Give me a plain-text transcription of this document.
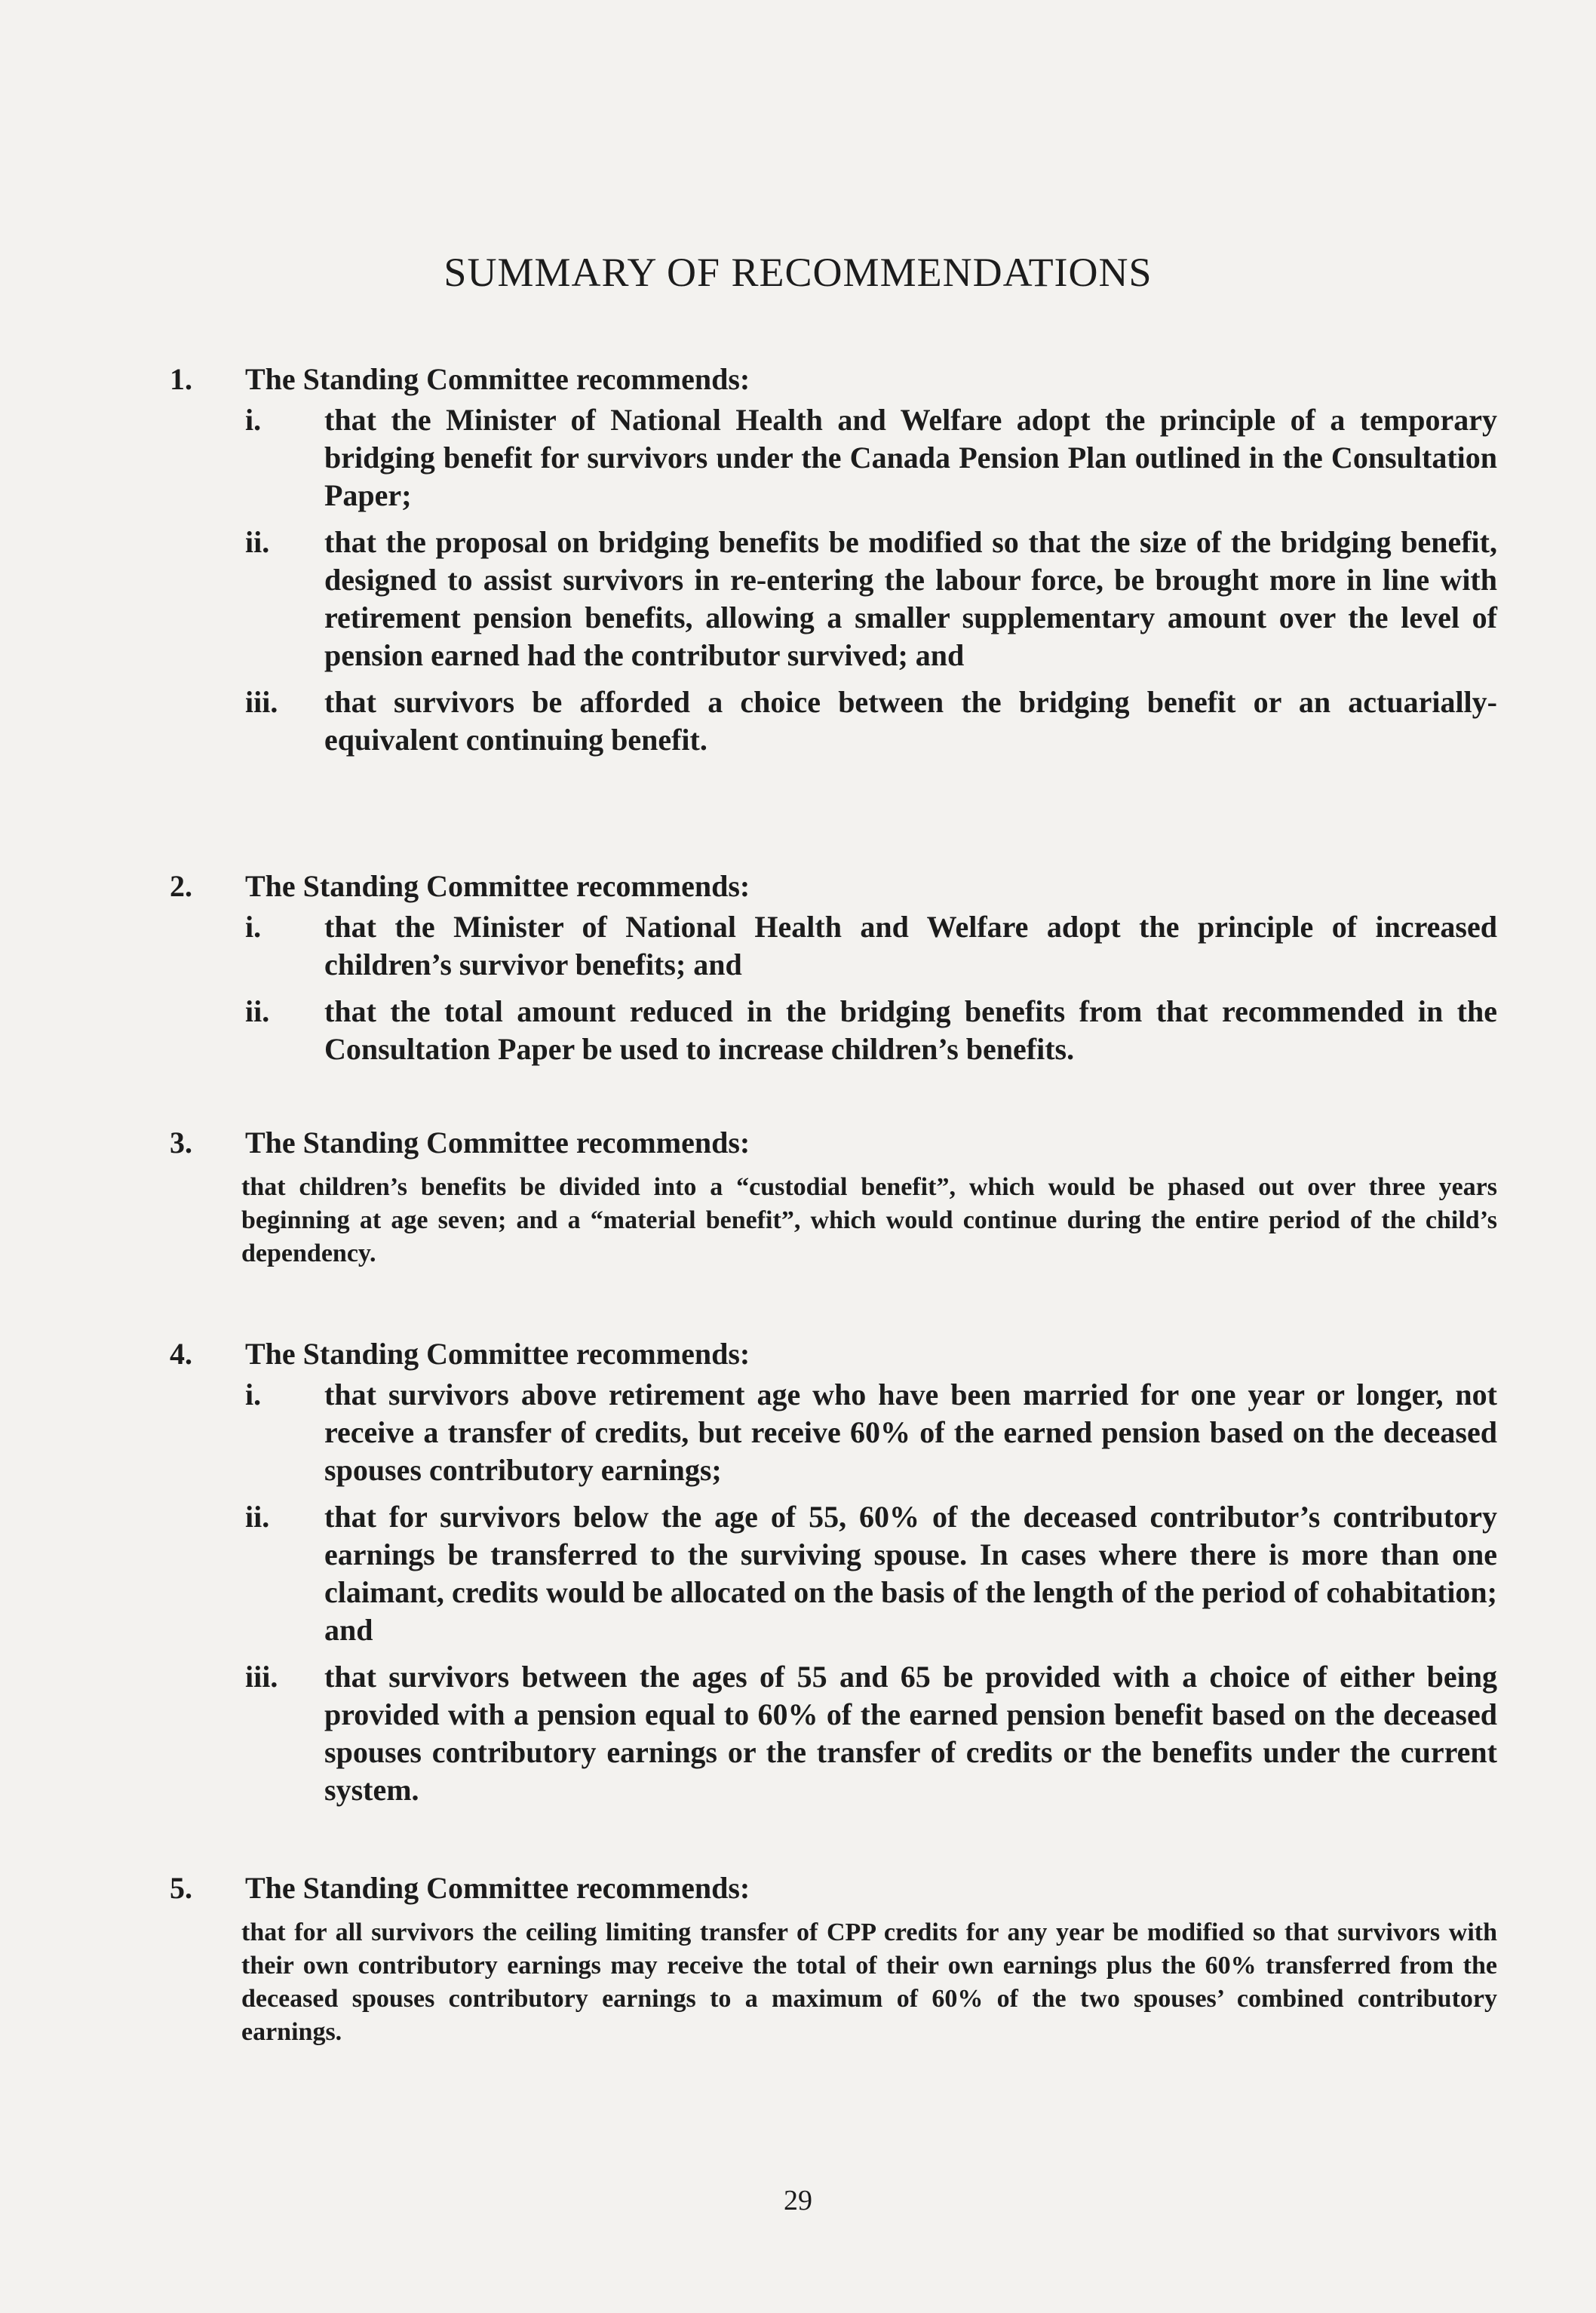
SUMMARY OF RECOMMENDATIONS
1. The Standing Committee recommends:
i.	that the Minister of National Health and Welfare adopt the principle of a temporary bridging benefit for survivors under the Canada Pension Plan outlined in the Consultation Paper;
ii.	that the proposal on bridging benefits be modified so that the size of the bridging benefit, designed to assist survivors in re-entering the labour force, be brought more in line with retirement pension benefits, allowing a smaller supplementary amount over the level of pension earned had the contributor survived; and
iii.	that survivors be afforded a choice between the bridging benefit or an actuarially-equivalent continuing benefit.
2. The Standing Committee recommends:
i.	that the Minister of National Health and Welfare adopt the principle of increased children’s survivor benefits; and
ii.	that the total amount reduced in the bridging benefits from that recommended in the Consultation Paper be used to increase children’s benefits.
3. The Standing Committee recommends:
that children’s benefits be divided into a “custodial benefit”, which would be phased out over three years beginning at age seven; and a “material benefit”, which would continue during the entire period of the child’s dependency.
4. The Standing Committee recommends:
i.	that survivors above retirement age who have been married for one year or longer, not receive a transfer of credits, but receive 60% of the earned pension based on the deceased spouses contributory earnings;
ii.	that for survivors below the age of 55, 60% of the deceased contributor’s contributory earnings be transferred to the surviving spouse. In cases where there is more than one claimant, credits would be allocated on the basis of the length of the period of cohabitation; and
iii.	that survivors between the ages of 55 and 65 be provided with a choice of either being provided with a pension equal to 60% of the earned pension benefit based on the deceased spouses contributory earnings or the transfer of credits or the benefits under the current system.
5. The Standing Committee recommends:
that for all survivors the ceiling limiting transfer of CPP credits for any year be modified so that survivors with their own contributory earnings may receive the total of their own earnings plus the 60% transferred from the deceased spouses contributory earnings to a maximum of 60% of the two spouses’ combined contributory earnings.
29
